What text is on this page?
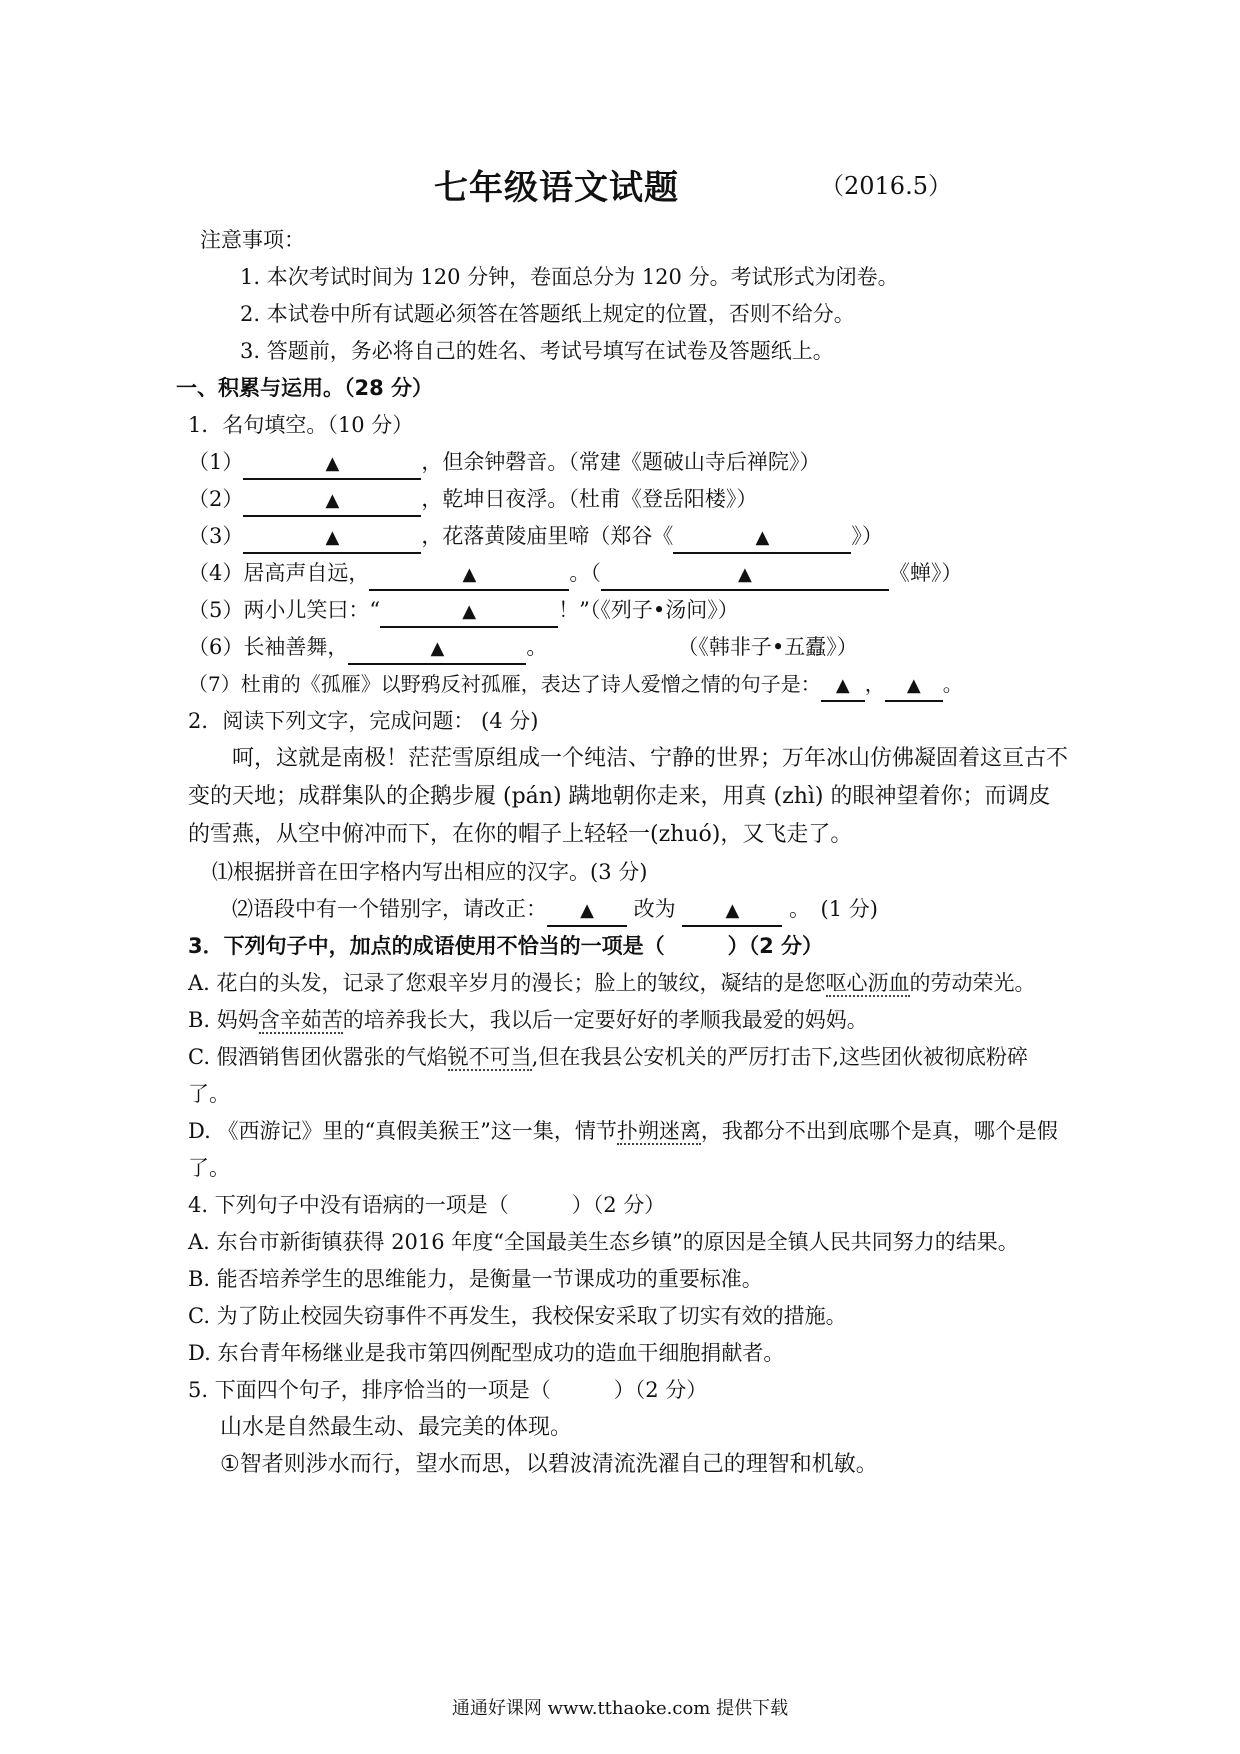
七年级语文试题	（2016.5）
注意事项：
1. 本次考试时间为 120 分钟，卷面总分为 120 分。考试形式为闭卷。
2. 本试卷中所有试题必须答在答题纸上规定的位置，否则不给分。
3. 答题前，务必将自己的姓名、考试号填写在试卷及答题纸上。
一、积累与运用。（28 分）
1．名句填空。（10 分）
（1）	▲	，但余钟磬音。（常建《题破山寺后禅院》）
（2）	▲	，乾坤日夜浮。（杜甫《登岳阳楼》）
（3）	▲	，花落黄陵庙里啼（郑谷《	▲	》）
（4）居高声自远，	▲	。（	▲	《蝉》）
（5）两小儿笑曰：“	▲	！”（《列子•汤问》）
（6）长袖善舞，	▲	。	（《韩非子•五蠹》）
（7）杜甫的《孤雁》以野鸦反衬孤雁，表达了诗人爱憎之情的句子是： ▲ ， ▲ 。
2．阅读下列文字，完成问题： (4 分)
呵，这就是南极！茫茫雪原组成一个纯洁、宁静的世界；万年冰山仿佛凝固着这亘古不变的天地；成群集队的企鹅步履 (pán) 蹒地朝你走来，用真 (zhì) 的眼神望着你；而调皮的雪燕，从空中俯冲而下，在你的帽子上轻轻一(zhuó)，又飞走了。
⑴根据拼音在田字格内写出相应的汉字。(3 分)
⑵语段中有一个错别字，请改正： ▲ 改为 ▲ 。　(1 分)
3．下列句子中，加点的成语使用不恰当的一项是（　　　）（2 分）
A. 花白的头发，记录了您艰辛岁月的漫长；脸上的皱纹，凝结的是您呕心沥血的劳动荣光。
B. 妈妈含辛茹苦的培养我长大，我以后一定要好好的孝顺我最爱的妈妈。
C. 假酒销售团伙嚣张的气焰锐不可当,但在我县公安机关的严厉打击下,这些团伙被彻底粉碎了。
D. 《西游记》里的“真假美猴王”这一集，情节扑朔迷离，我都分不出到底哪个是真，哪个是假了。
4. 下列句子中没有语病的一项是（　　　）（2 分）
A. 东台市新街镇获得 2016 年度“全国最美生态乡镇”的原因是全镇人民共同努力的结果。
B. 能否培养学生的思维能力，是衡量一节课成功的重要标准。
C. 为了防止校园失窃事件不再发生，我校保安采取了切实有效的措施。
D. 东台青年杨继业是我市第四例配型成功的造血干细胞捐献者。
5. 下面四个句子，排序恰当的一项是（　　　）（2 分）
山水是自然最生动、最完美的体现。
①智者则涉水而行，望水而思，以碧波清流洗濯自己的理智和机敏。
通通好课网 www.tthaoke.com 提供下载
